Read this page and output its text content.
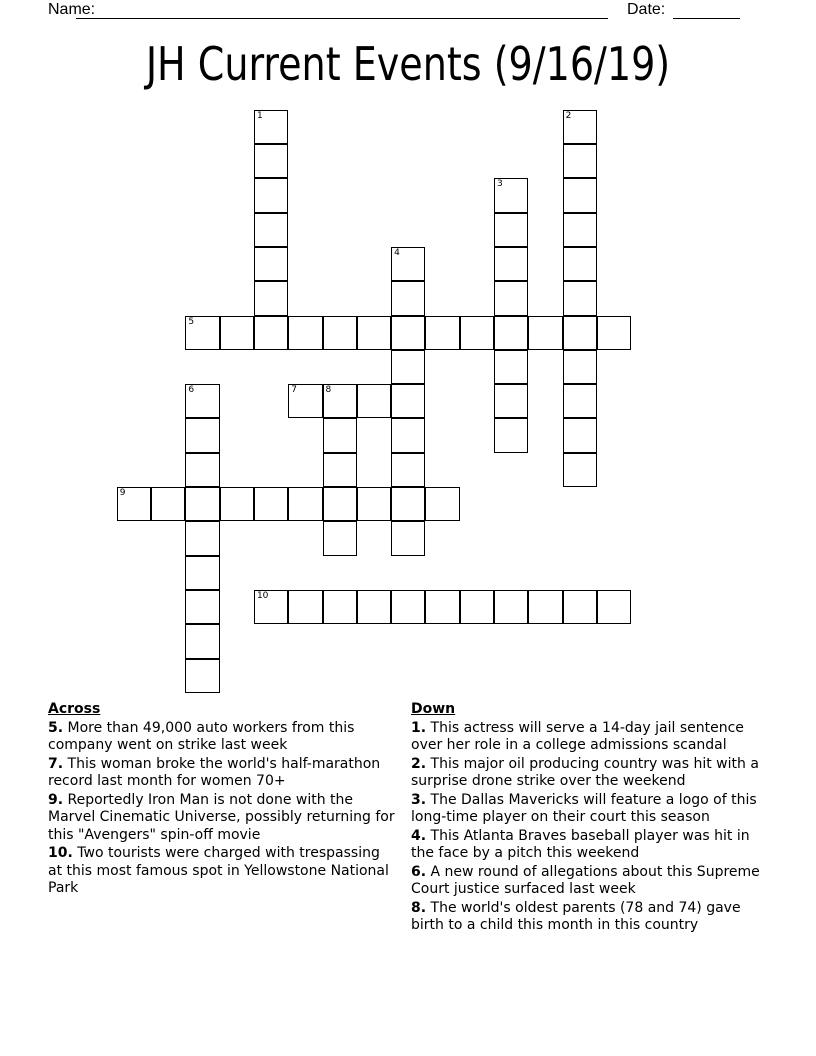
Name:	Date:
JH Current Events (9/16/19)
1	2
3
4
5
6	7	8
9
10
Across
5. More than 49,000 auto workers from this company went on strike last week
7. This woman broke the world's half-marathon record last month for women 70+
9. Reportedly Iron Man is not done with the Marvel Cinematic Universe, possibly returning for this "Avengers" spin-off movie
10. Two tourists were charged with trespassing at this most famous spot in Yellowstone National Park
Down
1. This actress will serve a 14-day jail sentence over her role in a college admissions scandal
2. This major oil producing country was hit with a surprise drone strike over the weekend
3. The Dallas Mavericks will feature a logo of this long-time player on their court this season
4. This Atlanta Braves baseball player was hit in the face by a pitch this weekend
6. A new round of allegations about this Supreme Court justice surfaced last week
8. The world's oldest parents (78 and 74) gave birth to a child this month in this country
